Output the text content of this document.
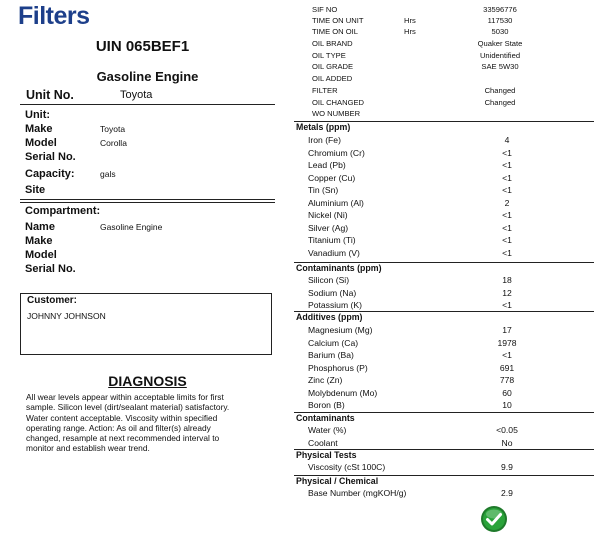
Filters
UIN 065BEF1
Gasoline Engine
Unit No.	Toyota
Unit:
Make	Toyota
Model	Corolla
Serial No.
Capacity:	gals
Site
Compartment:
Name	Gasoline Engine
Make
Model
Serial No.
Customer:
JOHNNY JOHNSON
DIAGNOSIS
All wear levels appear within acceptable limits for first
sample. Silicon level (dirt/sealant material) satisfactory.
Water content acceptable. Viscosity within specified
operating range. Action: As oil and filter(s) already
changed, resample at next recommended interval to
monitor and establish wear trend.
SIF NO	33596776
TIME ON UNIT	Hrs	117530
TIME ON OIL	Hrs	5030
OIL BRAND	Quaker State
OIL TYPE	Unidentified
OIL GRADE	SAE 5W30
OIL ADDED
FILTER	Changed
OIL CHANGED	Changed
WO NUMBER
Metals (ppm)
Iron (Fe)	4
Chromium (Cr)	<1
Lead (Pb)	<1
Copper (Cu)	<1
Tin (Sn)	<1
Aluminium (Al)	2
Nickel (Ni)	<1
Silver (Ag)	<1
Titanium (Ti)	<1
Vanadium (V)	<1
Contaminants (ppm)
Silicon (Si)	18
Sodium (Na)	12
Potassium (K)	<1
Additives (ppm)
Magnesium (Mg)	17
Calcium (Ca)	1978
Barium (Ba)	<1
Phosphorus (P)	691
Zinc (Zn)	778
Molybdenum (Mo)	60
Boron (B)	10
Contaminants
Water (%)	<0.05
Coolant	No
Physical Tests
Viscosity (cSt 100C)	9.9
Physical / Chemical
Base Number (mgKOH/g)	2.9
